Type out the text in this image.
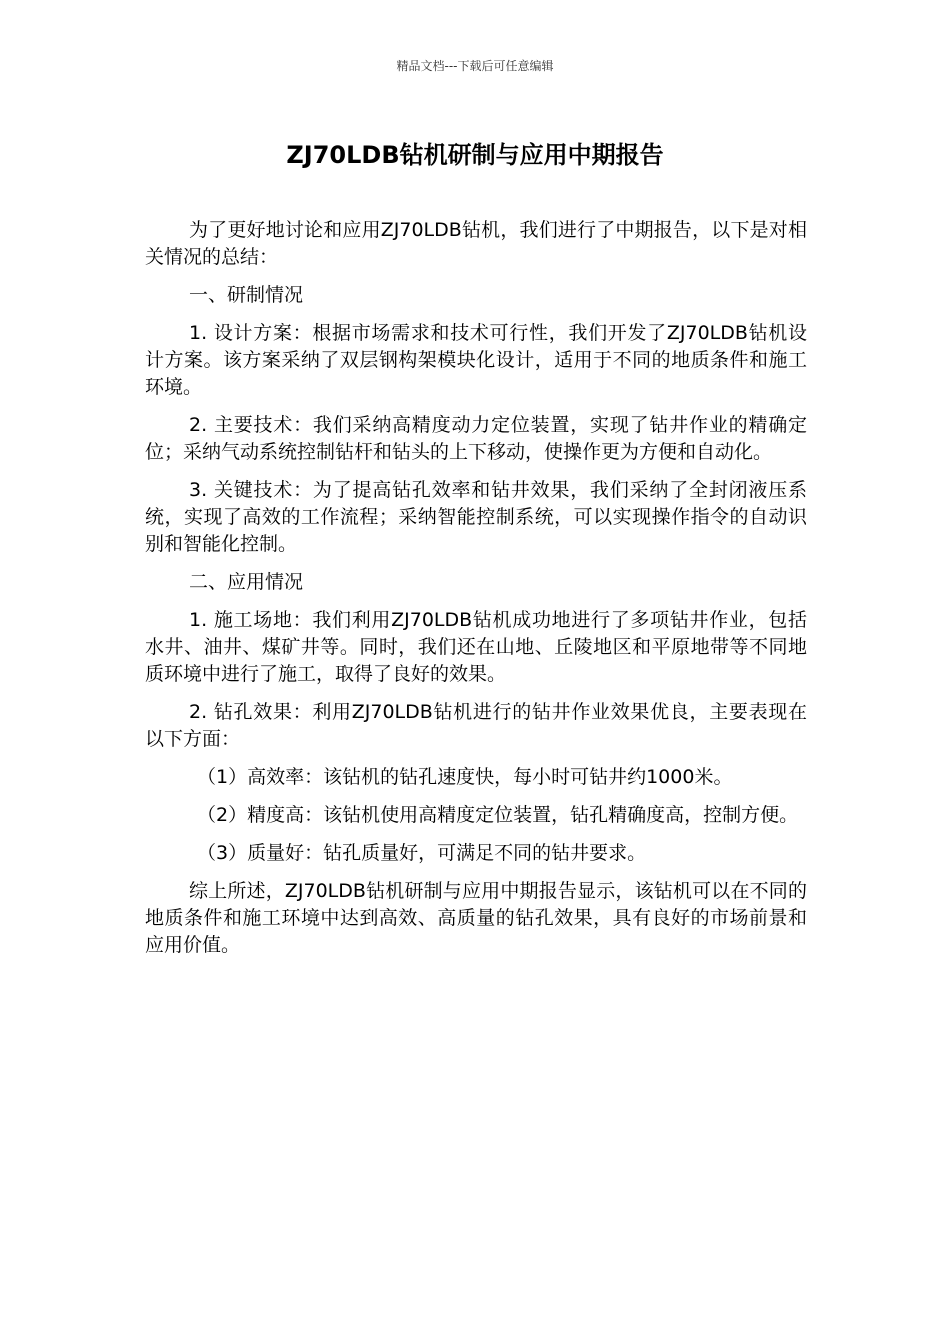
精品文档---下载后可任意编辑
ZJ70LDB钻机研制与应用中期报告

为了更好地讨论和应用ZJ70LDB钻机，我们进行了中期报告，以下是对相关情况的总结：

一、研制情况

1. 设计方案：根据市场需求和技术可行性，我们开发了ZJ70LDB钻机设计方案。该方案采纳了双层钢构架模块化设计，适用于不同的地质条件和施工环境。

2. 主要技术：我们采纳高精度动力定位装置，实现了钻井作业的精确定位；采纳气动系统控制钻杆和钻头的上下移动，使操作更为方便和自动化。

3. 关键技术：为了提高钻孔效率和钻井效果，我们采纳了全封闭液压系统，实现了高效的工作流程；采纳智能控制系统，可以实现操作指令的自动识别和智能化控制。

二、应用情况

1. 施工场地：我们利用ZJ70LDB钻机成功地进行了多项钻井作业，包括水井、油井、煤矿井等。同时，我们还在山地、丘陵地区和平原地带等不同地质环境中进行了施工，取得了良好的效果。

2. 钻孔效果：利用ZJ70LDB钻机进行的钻井作业效果优良，主要表现在以下方面：

（1）高效率：该钻机的钻孔速度快，每小时可钻井约1000米。

（2）精度高：该钻机使用高精度定位装置，钻孔精确度高，控制方便。

（3）质量好：钻孔质量好，可满足不同的钻井要求。

综上所述，ZJ70LDB钻机研制与应用中期报告显示，该钻机可以在不同的地质条件和施工环境中达到高效、高质量的钻孔效果，具有良好的市场前景和应用价值。
